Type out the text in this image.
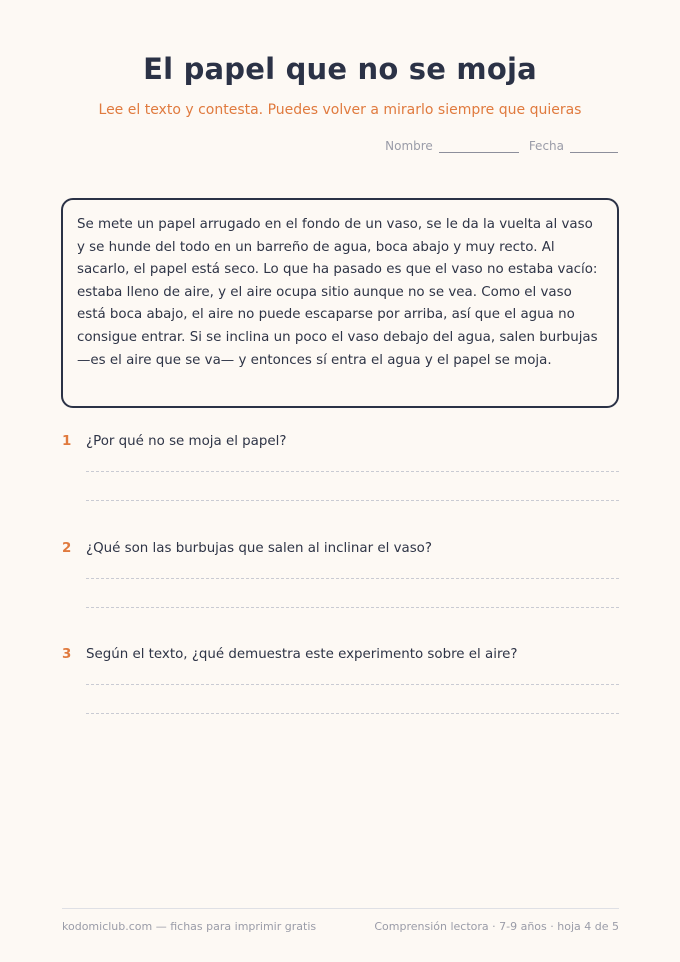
El papel que no se moja
Lee el texto y contesta. Puedes volver a mirarlo siempre que quieras
Nombre	Fecha
Se mete un papel arrugado en el fondo de un vaso, se le da la vuelta al vaso y se hunde del todo en un barreño de agua, boca abajo y muy recto. Al sacarlo, el papel está seco. Lo que ha pasado es que el vaso no estaba vacío: estaba lleno de aire, y el aire ocupa sitio aunque no se vea. Como el vaso está boca abajo, el aire no puede escaparse por arriba, así que el agua no consigue entrar. Si se inclina un poco el vaso debajo del agua, salen burbujas —es el aire que se va— y entonces sí entra el agua y el papel se moja.
1	¿Por qué no se moja el papel?
2	¿Qué son las burbujas que salen al inclinar el vaso?
3	Según el texto, ¿qué demuestra este experimento sobre el aire?
kodomiclub.com — fichas para imprimir gratis	Comprensión lectora · 7-9 años · hoja 4 de 5
